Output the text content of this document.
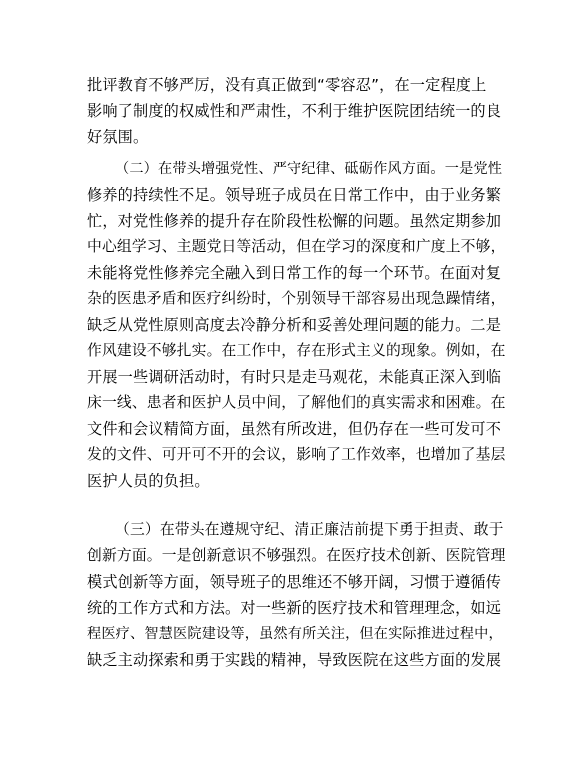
批评教育不够严厉，没有真正做到“零容忍”，在一定程度上
影响了制度的权威性和严肃性，不利于维护医院团结统一的良
好氛围。
（二）在带头增强党性、严守纪律、砥砺作风方面。一是党性
修养的持续性不足。领导班子成员在日常工作中，由于业务繁
忙，对党性修养的提升存在阶段性松懈的问题。虽然定期参加
中心组学习、主题党日等活动，但在学习的深度和广度上不够，
未能将党性修养完全融入到日常工作的每一个环节。在面对复
杂的医患矛盾和医疗纠纷时，个别领导干部容易出现急躁情绪，
缺乏从党性原则高度去冷静分析和妥善处理问题的能力。二是
作风建设不够扎实。在工作中，存在形式主义的现象。例如，在
开展一些调研活动时，有时只是走马观花，未能真正深入到临
床一线、患者和医护人员中间，了解他们的真实需求和困难。在
文件和会议精简方面，虽然有所改进，但仍存在一些可发可不
发的文件、可开可不开的会议，影响了工作效率，也增加了基层
医护人员的负担。
（三）在带头在遵规守纪、清正廉洁前提下勇于担责、敢于
创新方面。一是创新意识不够强烈。在医疗技术创新、医院管理
模式创新等方面，领导班子的思维还不够开阔，习惯于遵循传
统的工作方式和方法。对一些新的医疗技术和管理理念，如远
程医疗、智慧医院建设等，虽然有所关注，但在实际推进过程中，
缺乏主动探索和勇于实践的精神，导致医院在这些方面的发展
